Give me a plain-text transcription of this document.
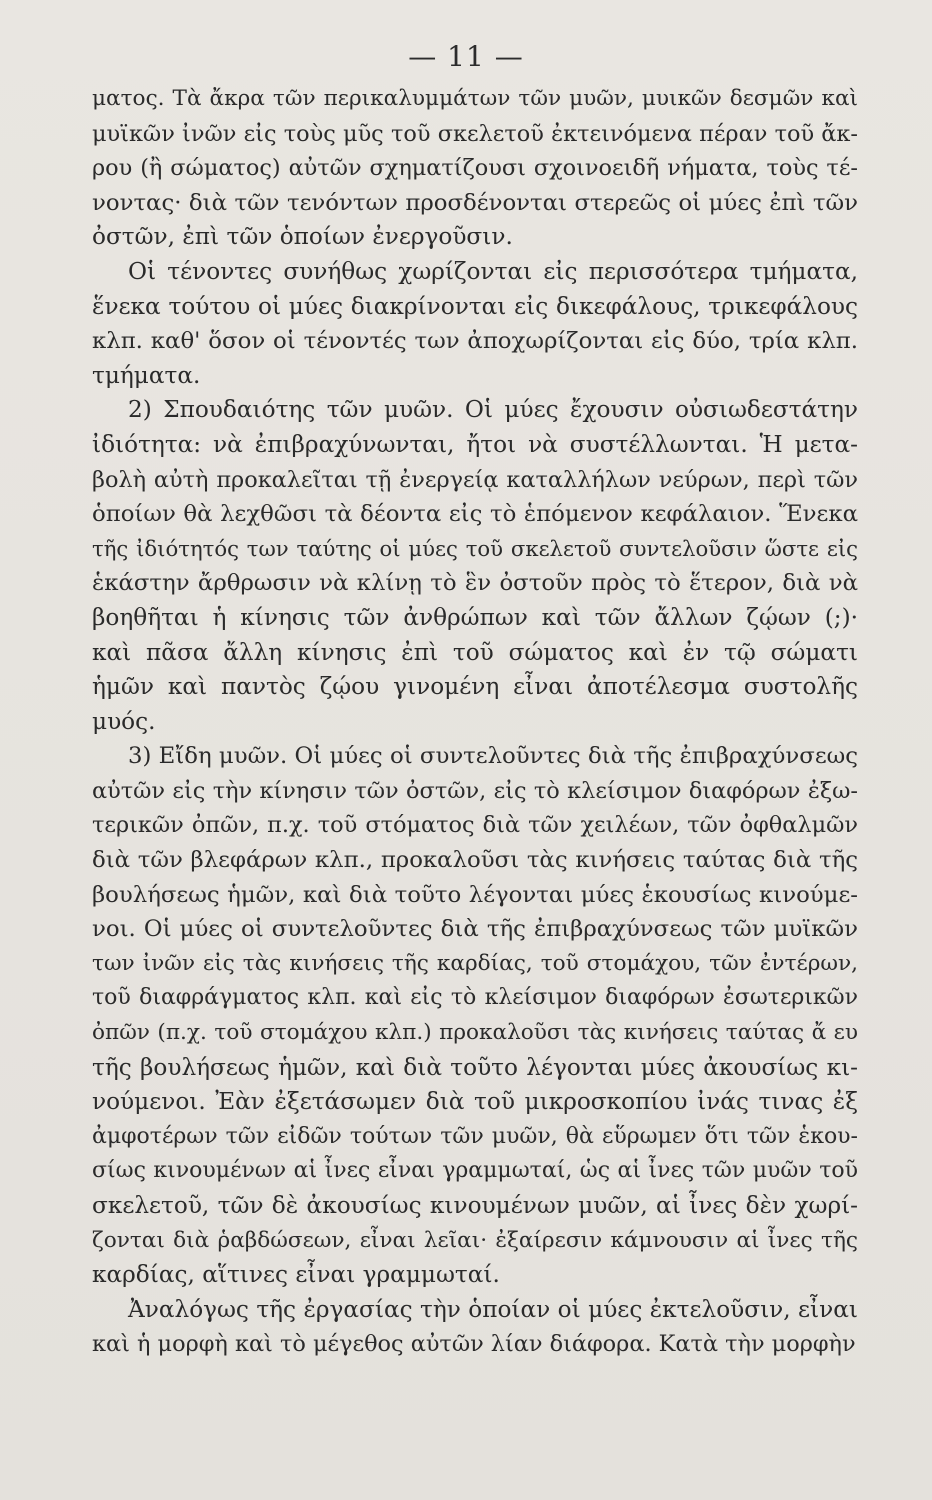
— 11 —
ματος. Τὰ ἄκρα τῶν περικαλυμμάτων τῶν μυῶν, μυικῶν δεσμῶν καὶ
μυϊκῶν ἰνῶν εἰς τοὺς μῦς τοῦ σκελετοῦ ἐκτεινόμενα πέραν τοῦ ἄκ-
ρου (ἢ σώματος) αὐτῶν σχηματίζουσι σχοινοειδῆ νήματα, τοὺς τέ-
νοντας· διὰ τῶν τενόντων προσδένονται στερεῶς οἱ μύες ἐπὶ τῶν
ὀστῶν, ἐπὶ τῶν ὁποίων ἐνεργοῦσιν.
Οἱ τένοντες συνήθως χωρίζονται εἰς περισσότερα τμήματα,
ἕνεκα τούτου οἱ μύες διακρίνονται εἰς δικεφάλους, τρικεφάλους
κλπ. καθ' ὅσον οἱ τένοντές των ἀποχωρίζονται εἰς δύο, τρία κλπ.
τμήματα.
2) Σπουδαιότης τῶν μυῶν. Οἱ μύες ἔχουσιν οὐσιωδεστάτην
ἰδιότητα: νὰ ἐπιβραχύνωνται, ἤτοι νὰ συστέλλωνται. Ἡ μετα-
βολὴ αὐτὴ προκαλεῖται τῇ ἐνεργείᾳ καταλλήλων νεύρων, περὶ τῶν
ὁποίων θὰ λεχθῶσι τὰ δέοντα εἰς τὸ ἑπόμενον κεφάλαιον. Ἕνεκα
τῆς ἰδιότητός των ταύτης οἱ μύες τοῦ σκελετοῦ συντελοῦσιν ὥστε εἰς
ἑκάστην ἄρθρωσιν νὰ κλίνῃ τὸ ἓν ὀστοῦν πρὸς τὸ ἕτερον, διὰ νὰ
βοηθῆται ἡ κίνησις τῶν ἀνθρώπων καὶ τῶν ἄλλων ζῴων (;)·
καὶ πᾶσα ἄλλη κίνησις ἐπὶ τοῦ σώματος καὶ ἐν τῷ σώματι
ἡμῶν καὶ παντὸς ζῴου γινομένη εἶναι ἀποτέλεσμα συστολῆς
μυός.
3) Εἴδη μυῶν. Οἱ μύες οἱ συντελοῦντες διὰ τῆς ἐπιβραχύνσεως
αὐτῶν εἰς τὴν κίνησιν τῶν ὀστῶν, εἰς τὸ κλείσιμον διαφόρων ἐξω-
τερικῶν ὀπῶν, π.χ. τοῦ στόματος διὰ τῶν χειλέων, τῶν ὀφθαλμῶν
διὰ τῶν βλεφάρων κλπ., προκαλοῦσι τὰς κινήσεις ταύτας διὰ τῆς
βουλήσεως ἡμῶν, καὶ διὰ τοῦτο λέγονται μύες ἑκουσίως κινούμε-
νοι. Οἱ μύες οἱ συντελοῦντες διὰ τῆς ἐπιβραχύνσεως τῶν μυϊκῶν
των ἰνῶν εἰς τὰς κινήσεις τῆς καρδίας, τοῦ στομάχου, τῶν ἐντέρων,
τοῦ διαφράγματος κλπ. καὶ εἰς τὸ κλείσιμον διαφόρων ἐσωτερικῶν
ὀπῶν (π.χ. τοῦ στομάχου κλπ.) προκαλοῦσι τὰς κινήσεις ταύτας ἄ ευ
τῆς βουλήσεως ἡμῶν, καὶ διὰ τοῦτο λέγονται μύες ἀκουσίως κι-
νούμενοι. Ἐὰν ἐξετάσωμεν διὰ τοῦ μικροσκοπίου ἰνάς τινας ἐξ
ἀμφοτέρων τῶν εἰδῶν τούτων τῶν μυῶν, θὰ εὕρωμεν ὅτι τῶν ἑκου-
σίως κινουμένων αἱ ἶνες εἶναι γραμμωταί, ὡς αἱ ἶνες τῶν μυῶν τοῦ
σκελετοῦ, τῶν δὲ ἀκουσίως κινουμένων μυῶν, αἱ ἶνες δὲν χωρί-
ζονται διὰ ῥαβδώσεων, εἶναι λεῖαι· ἐξαίρεσιν κάμνουσιν αἱ ἶνες τῆς
καρδίας, αἵτινες εἶναι γραμμωταί.
Ἀναλόγως τῆς ἐργασίας τὴν ὁποίαν οἱ μύες ἐκτελοῦσιν, εἶναι
καὶ ἡ μορφὴ καὶ τὸ μέγεθος αὐτῶν λίαν διάφορα. Κατὰ τὴν μορφὴν
